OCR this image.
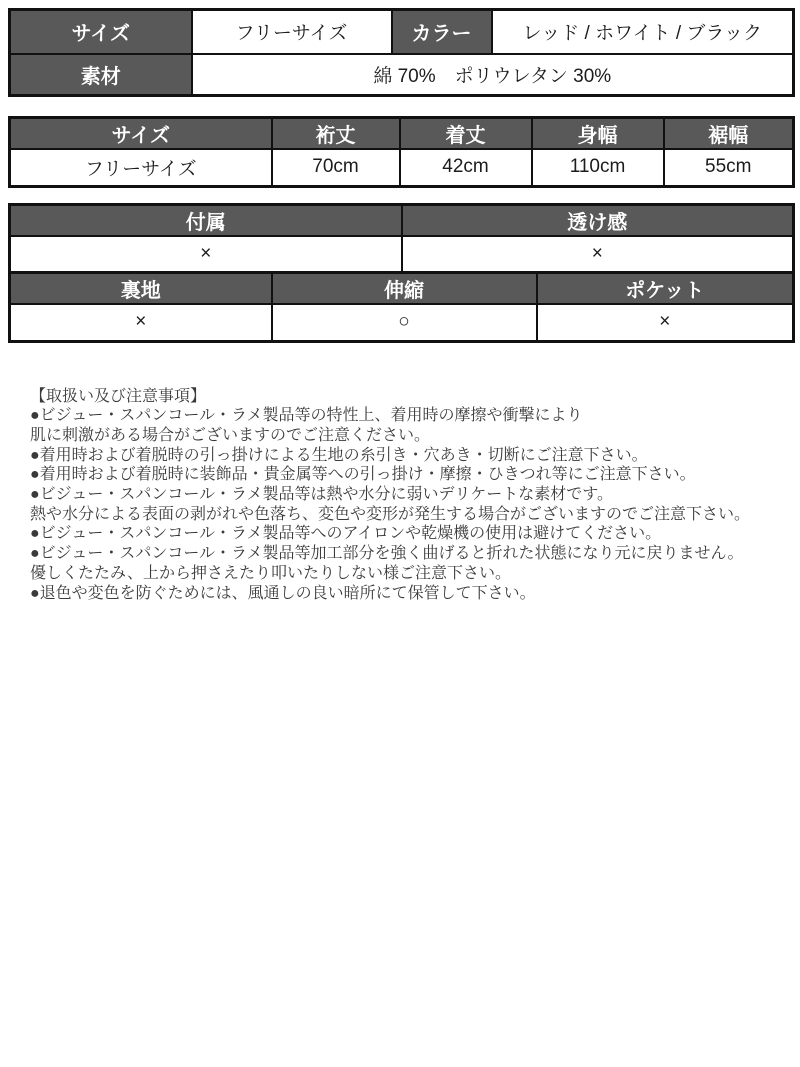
サイズ	フリーサイズ	カラー	レッド / ホワイト / ブラック
素材	綿 70%　ポリウレタン 30%		
サイズ	裄丈	着丈	身幅	裾幅
フリーサイズ	70cm	42cm	110cm	55cm
付属	透け感
×	×
裏地	伸縮	ポケット
×	○	×
【取扱い及び注意事項】
●ビジュー・スパンコール・ラメ製品等の特性上、着用時の摩擦や衝撃により
肌に刺激がある場合がございますのでご注意ください。
●着用時および着脱時の引っ掛けによる生地の糸引き・穴あき・切断にご注意下さい。
●着用時および着脱時に装飾品・貴金属等への引っ掛け・摩擦・ひきつれ等にご注意下さい。
●ビジュー・スパンコール・ラメ製品等は熱や水分に弱いデリケートな素材です。
熱や水分による表面の剥がれや色落ち、変色や変形が発生する場合がございますのでご注意下さい。
●ビジュー・スパンコール・ラメ製品等へのアイロンや乾燥機の使用は避けてください。
●ビジュー・スパンコール・ラメ製品等加工部分を強く曲げると折れた状態になり元に戻りません。
優しくたたみ、上から押さえたり叩いたりしない様ご注意下さい。
●退色や変色を防ぐためには、風通しの良い暗所にて保管して下さい。
